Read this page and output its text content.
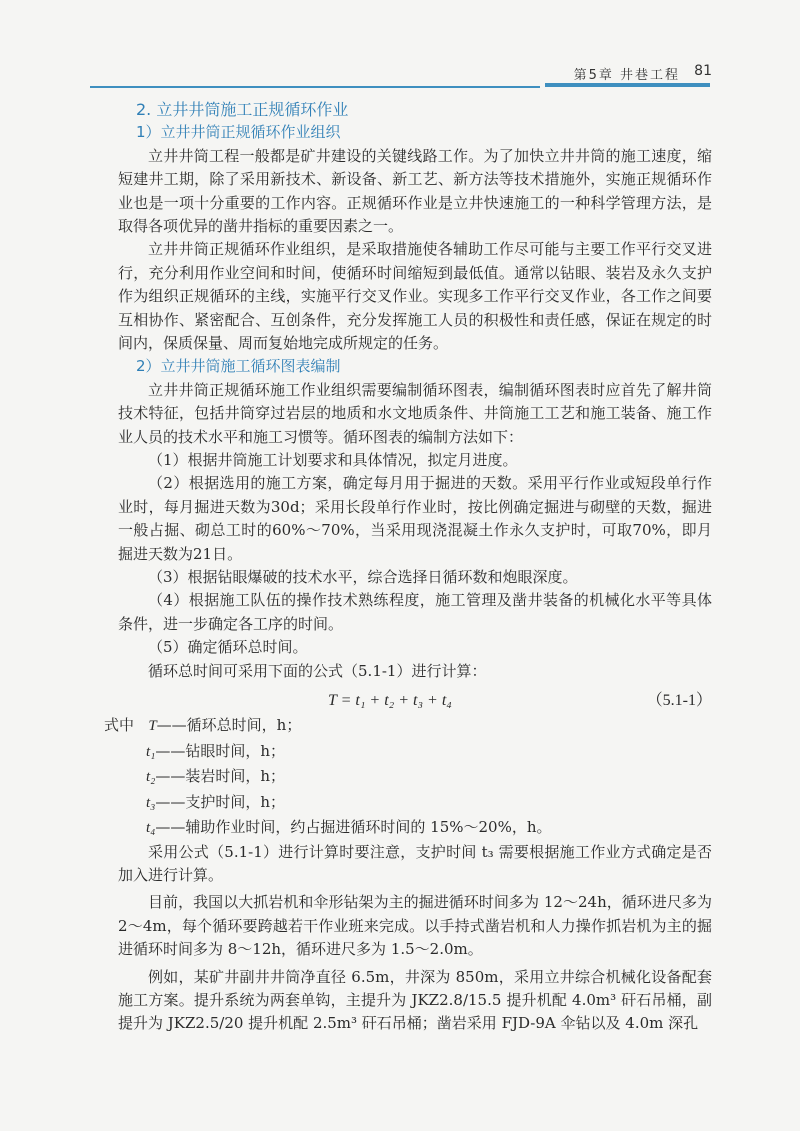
第5章 井巷工程 81
2. 立井井筒施工正规循环作业
1）立井井筒正规循环作业组织

立井井筒工程一般都是矿井建设的关键线路工作。为了加快立井井筒的施工速度，缩短建井工期，除了采用新技术、新设备、新工艺、新方法等技术措施外，实施正规循环作业也是一项十分重要的工作内容。正规循环作业是立井快速施工的一种科学管理方法，是取得各项优异的凿井指标的重要因素之一。

立井井筒正规循环作业组织，是采取措施使各辅助工作尽可能与主要工作平行交叉进行，充分利用作业空间和时间，使循环时间缩短到最低值。通常以钻眼、装岩及永久支护作为组织正规循环的主线，实施平行交叉作业。实现多工作平行交叉作业，各工作之间要互相协作、紧密配合、互创条件，充分发挥施工人员的积极性和责任感，保证在规定的时间内，保质保量、周而复始地完成所规定的任务。

2）立井井筒施工循环图表编制

立井井筒正规循环施工作业组织需要编制循环图表，编制循环图表时应首先了解井筒技术特征，包括井筒穿过岩层的地质和水文地质条件、井筒施工工艺和施工装备、施工作业人员的技术水平和施工习惯等。循环图表的编制方法如下：

（1）根据井筒施工计划要求和具体情况，拟定月进度。

（2）根据选用的施工方案，确定每月用于掘进的天数。采用平行作业或短段单行作业时，每月掘进天数为30d；采用长段单行作业时，按比例确定掘进与砌壁的天数，掘进一般占掘、砌总工时的60%～70%，当采用现浇混凝土作永久支护时，可取70%，即月掘进天数为21日。

（3）根据钻眼爆破的技术水平，综合选择日循环数和炮眼深度。

（4）根据施工队伍的操作技术熟练程度，施工管理及凿井装备的机械化水平等具体条件，进一步确定各工序的时间。

（5）确定循环总时间。

循环总时间可采用下面的公式（5.1-1）进行计算：

T = t₁ + t₂ + t₃ + t₄	（5.1-1）
式中 T——循环总时间，h；
t₁——钻眼时间，h；
t₂——装岩时间，h；
t₃——支护时间，h；
t₄——辅助作业时间，约占掘进循环时间的 15%～20%，h。

采用公式（5.1-1）进行计算时要注意，支护时间 t₃ 需要根据施工作业方式确定是否加入进行计算。

目前，我国以大抓岩机和伞形钻架为主的掘进循环时间多为 12～24h，循环进尺多为 2～4m，每个循环要跨越若干作业班来完成。以手持式凿岩机和人力操作抓岩机为主的掘进循环时间多为 8～12h，循环进尺多为 1.5～2.0m。

例如，某矿井副井井筒净直径 6.5m，井深为 850m，采用立井综合机械化设备配套施工方案。提升系统为两套单钩，主提升为 JKZ2.8/15.5 提升机配 4.0m³ 矸石吊桶，副提升为 JKZ2.5/20 提升机配 2.5m³ 矸石吊桶；凿岩采用 FJD-9A 伞钻以及 4.0m 深孔
